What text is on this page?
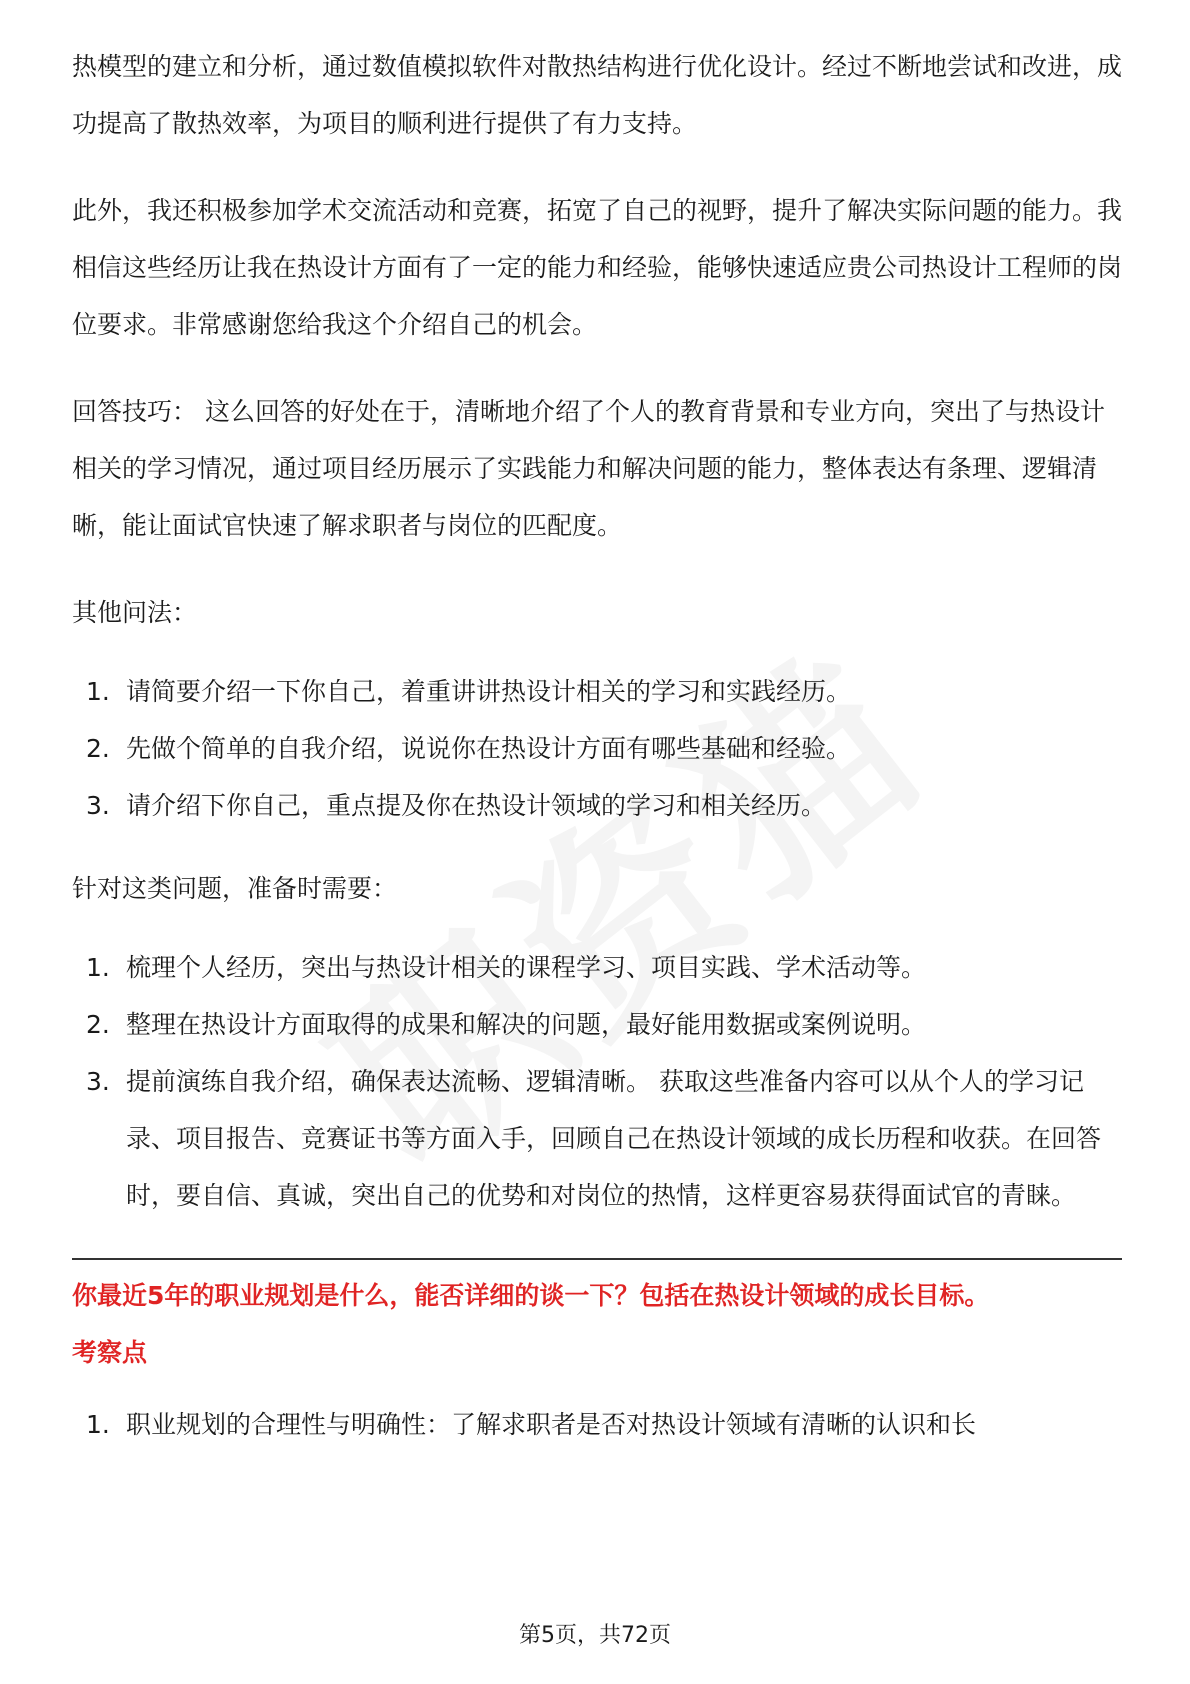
热模型的建立和分析，通过数值模拟软件对散热结构进行优化设计。经过不断地尝试和改进，成功提高了散热效率，为项目的顺利进行提供了有力支持。

此外，我还积极参加学术交流活动和竞赛，拓宽了自己的视野，提升了解决实际问题的能力。我相信这些经历让我在热设计方面有了一定的能力和经验，能够快速适应贵公司热设计工程师的岗位要求。非常感谢您给我这个介绍自己的机会。

回答技巧： 这么回答的好处在于，清晰地介绍了个人的教育背景和专业方向，突出了与热设计相关的学习情况，通过项目经历展示了实践能力和解决问题的能力，整体表达有条理、逻辑清晰，能让面试官快速了解求职者与岗位的匹配度。

其他问法：

1. 请简要介绍一下你自己，着重讲讲热设计相关的学习和实践经历。
2. 先做个简单的自我介绍，说说你在热设计方面有哪些基础和经验。
3. 请介绍下你自己，重点提及你在热设计领域的学习和相关经历。

针对这类问题，准备时需要：

1. 梳理个人经历，突出与热设计相关的课程学习、项目实践、学术活动等。
2. 整理在热设计方面取得的成果和解决的问题，最好能用数据或案例说明。
3. 提前演练自我介绍，确保表达流畅、逻辑清晰。 获取这些准备内容可以从个人的学习记录、项目报告、竞赛证书等方面入手，回顾自己在热设计领域的成长历程和收获。在回答时，要自信、真诚，突出自己的优势和对岗位的热情，这样更容易获得面试官的青睐。
你最近5年的职业规划是什么，能否详细的谈一下？包括在热设计领域的成长目标。
考察点
1. 职业规划的合理性与明确性：了解求职者是否对热设计领域有清晰的认识和长
第5页，共72页
